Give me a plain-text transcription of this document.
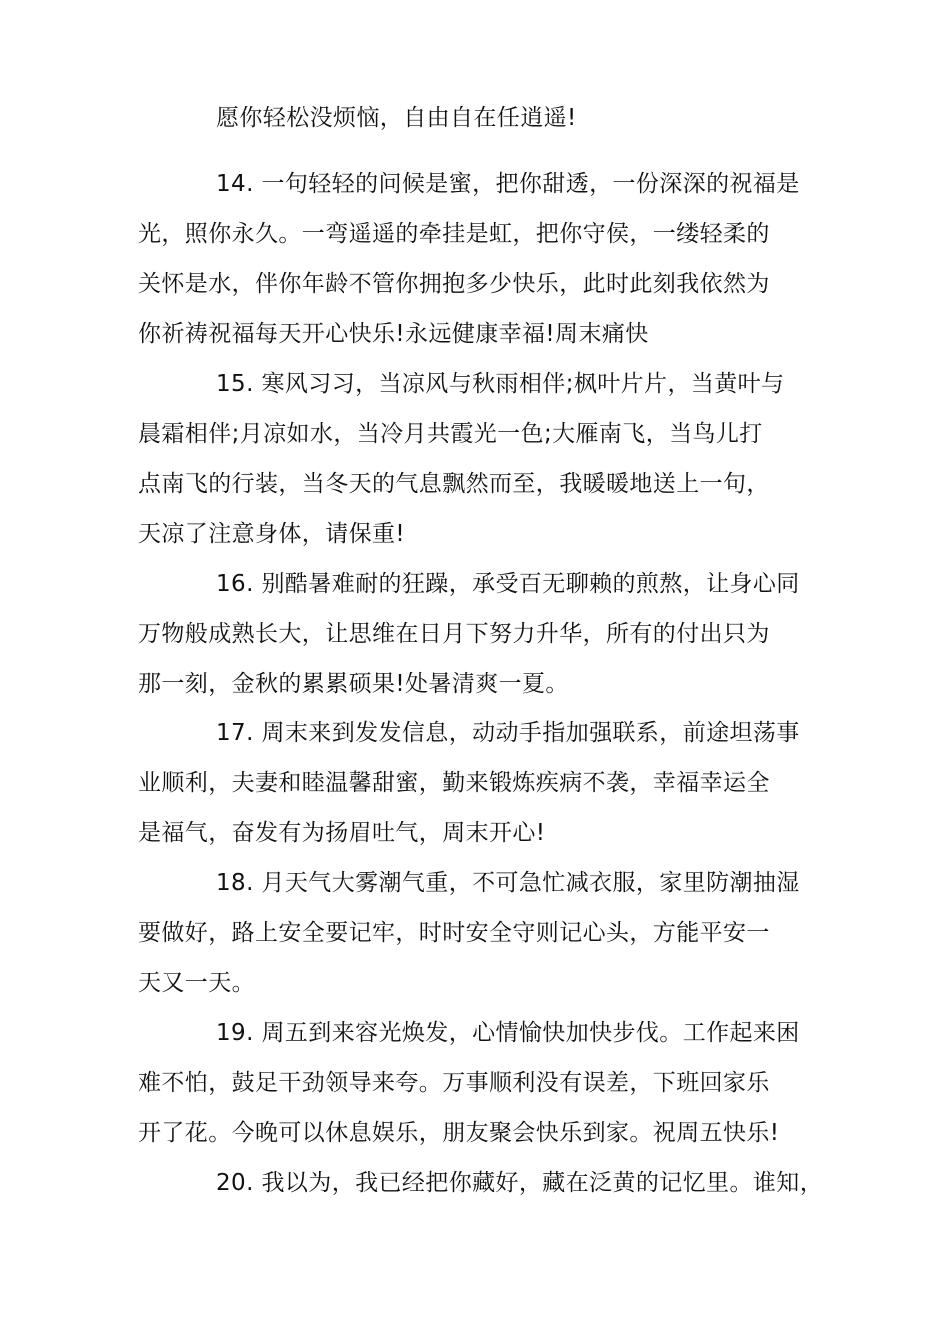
愿你轻松没烦恼，自由自在任逍遥!
14. 一句轻轻的问候是蜜，把你甜透，一份深深的祝福是
光，照你永久。一弯遥遥的牵挂是虹，把你守侯，一缕轻柔的
关怀是水，伴你年龄不管你拥抱多少快乐，此时此刻我依然为
你祈祷祝福每天开心快乐!永远健康幸福!周末痛快
15. 寒风习习，当凉风与秋雨相伴;枫叶片片，当黄叶与
晨霜相伴;月凉如水，当冷月共霞光一色;大雁南飞，当鸟儿打
点南飞的行装，当冬天的气息飘然而至，我暖暖地送上一句，
天凉了注意身体，请保重!
16. 别酷暑难耐的狂躁，承受百无聊赖的煎熬，让身心同
万物般成熟长大，让思维在日月下努力升华，所有的付出只为
那一刻，金秋的累累硕果!处暑清爽一夏。
17. 周末来到发发信息，动动手指加强联系，前途坦荡事
业顺利，夫妻和睦温馨甜蜜，勤来锻炼疾病不袭，幸福幸运全
是福气，奋发有为扬眉吐气，周末开心!
18. 月天气大雾潮气重，不可急忙减衣服，家里防潮抽湿
要做好，路上安全要记牢，时时安全守则记心头，方能平安一
天又一天。
19. 周五到来容光焕发，心情愉快加快步伐。工作起来困
难不怕，鼓足干劲领导来夸。万事顺利没有误差，下班回家乐
开了花。今晚可以休息娱乐，朋友聚会快乐到家。祝周五快乐!
20. 我以为，我已经把你藏好，藏在泛黄的记忆里。谁知，
